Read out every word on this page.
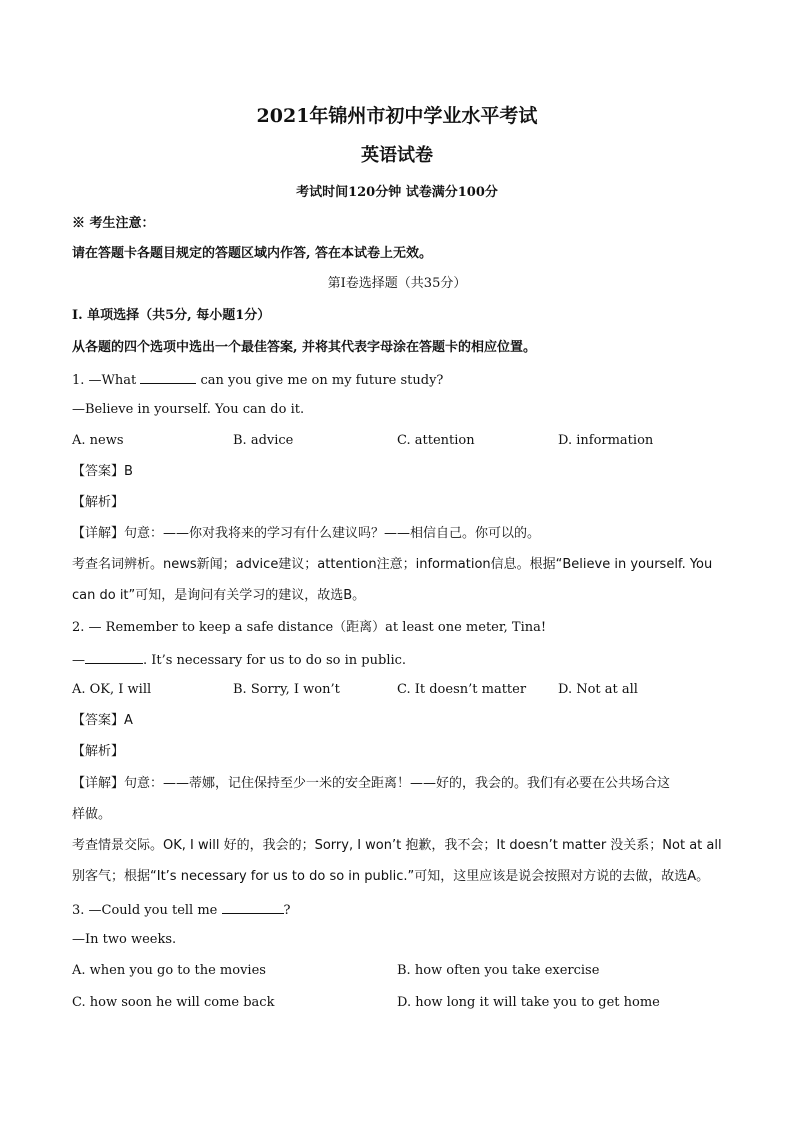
2021年锦州市初中学业水平考试
英语试卷
考试时间120分钟 试卷满分100分
※ 考生注意：
请在答题卡各题目规定的答题区域内作答, 答在本试卷上无效。
第Ⅰ卷选择题（共35分）
I. 单项选择（共5分, 每小题1分）
从各题的四个选项中选出一个最佳答案, 并将其代表字母涂在答题卡的相应位置。
1. —What	can you give me on my future study?
—Believe in yourself. You can do it.
A. news	B. advice	C. attention	D. information
【答案】B
【解析】
【详解】句意：——你对我将来的学习有什么建议吗？——相信自己。你可以的。
考查名词辨析。news新闻；advice建议；attention注意；information信息。根据“Believe in yourself. You
can do it”可知，是询问有关学习的建议，故选B。
2. — Remember to keep a safe distance（距离）at least one meter, Tina!
—	. It’s necessary for us to do so in public.
A. OK, I will	B. Sorry, I won’t	C. It doesn’t matter D. Not at all
【答案】A
【解析】
【详解】句意：——蒂娜，记住保持至少一米的安全距离！——好的，我会的。我们有必要在公共场合这
样做。
考查情景交际。OK, I will 好的，我会的；Sorry, I won’t 抱歉，我不会；It doesn’t matter 没关系；Not at all
别客气；根据“It’s necessary for us to do so in public.”可知，这里应该是说会按照对方说的去做，故选A。
3. —Could you tell me	?
—In two weeks.
A. when you go to the movies	B. how often you take exercise
C. how soon he will come back	D. how long it will take you to get home
